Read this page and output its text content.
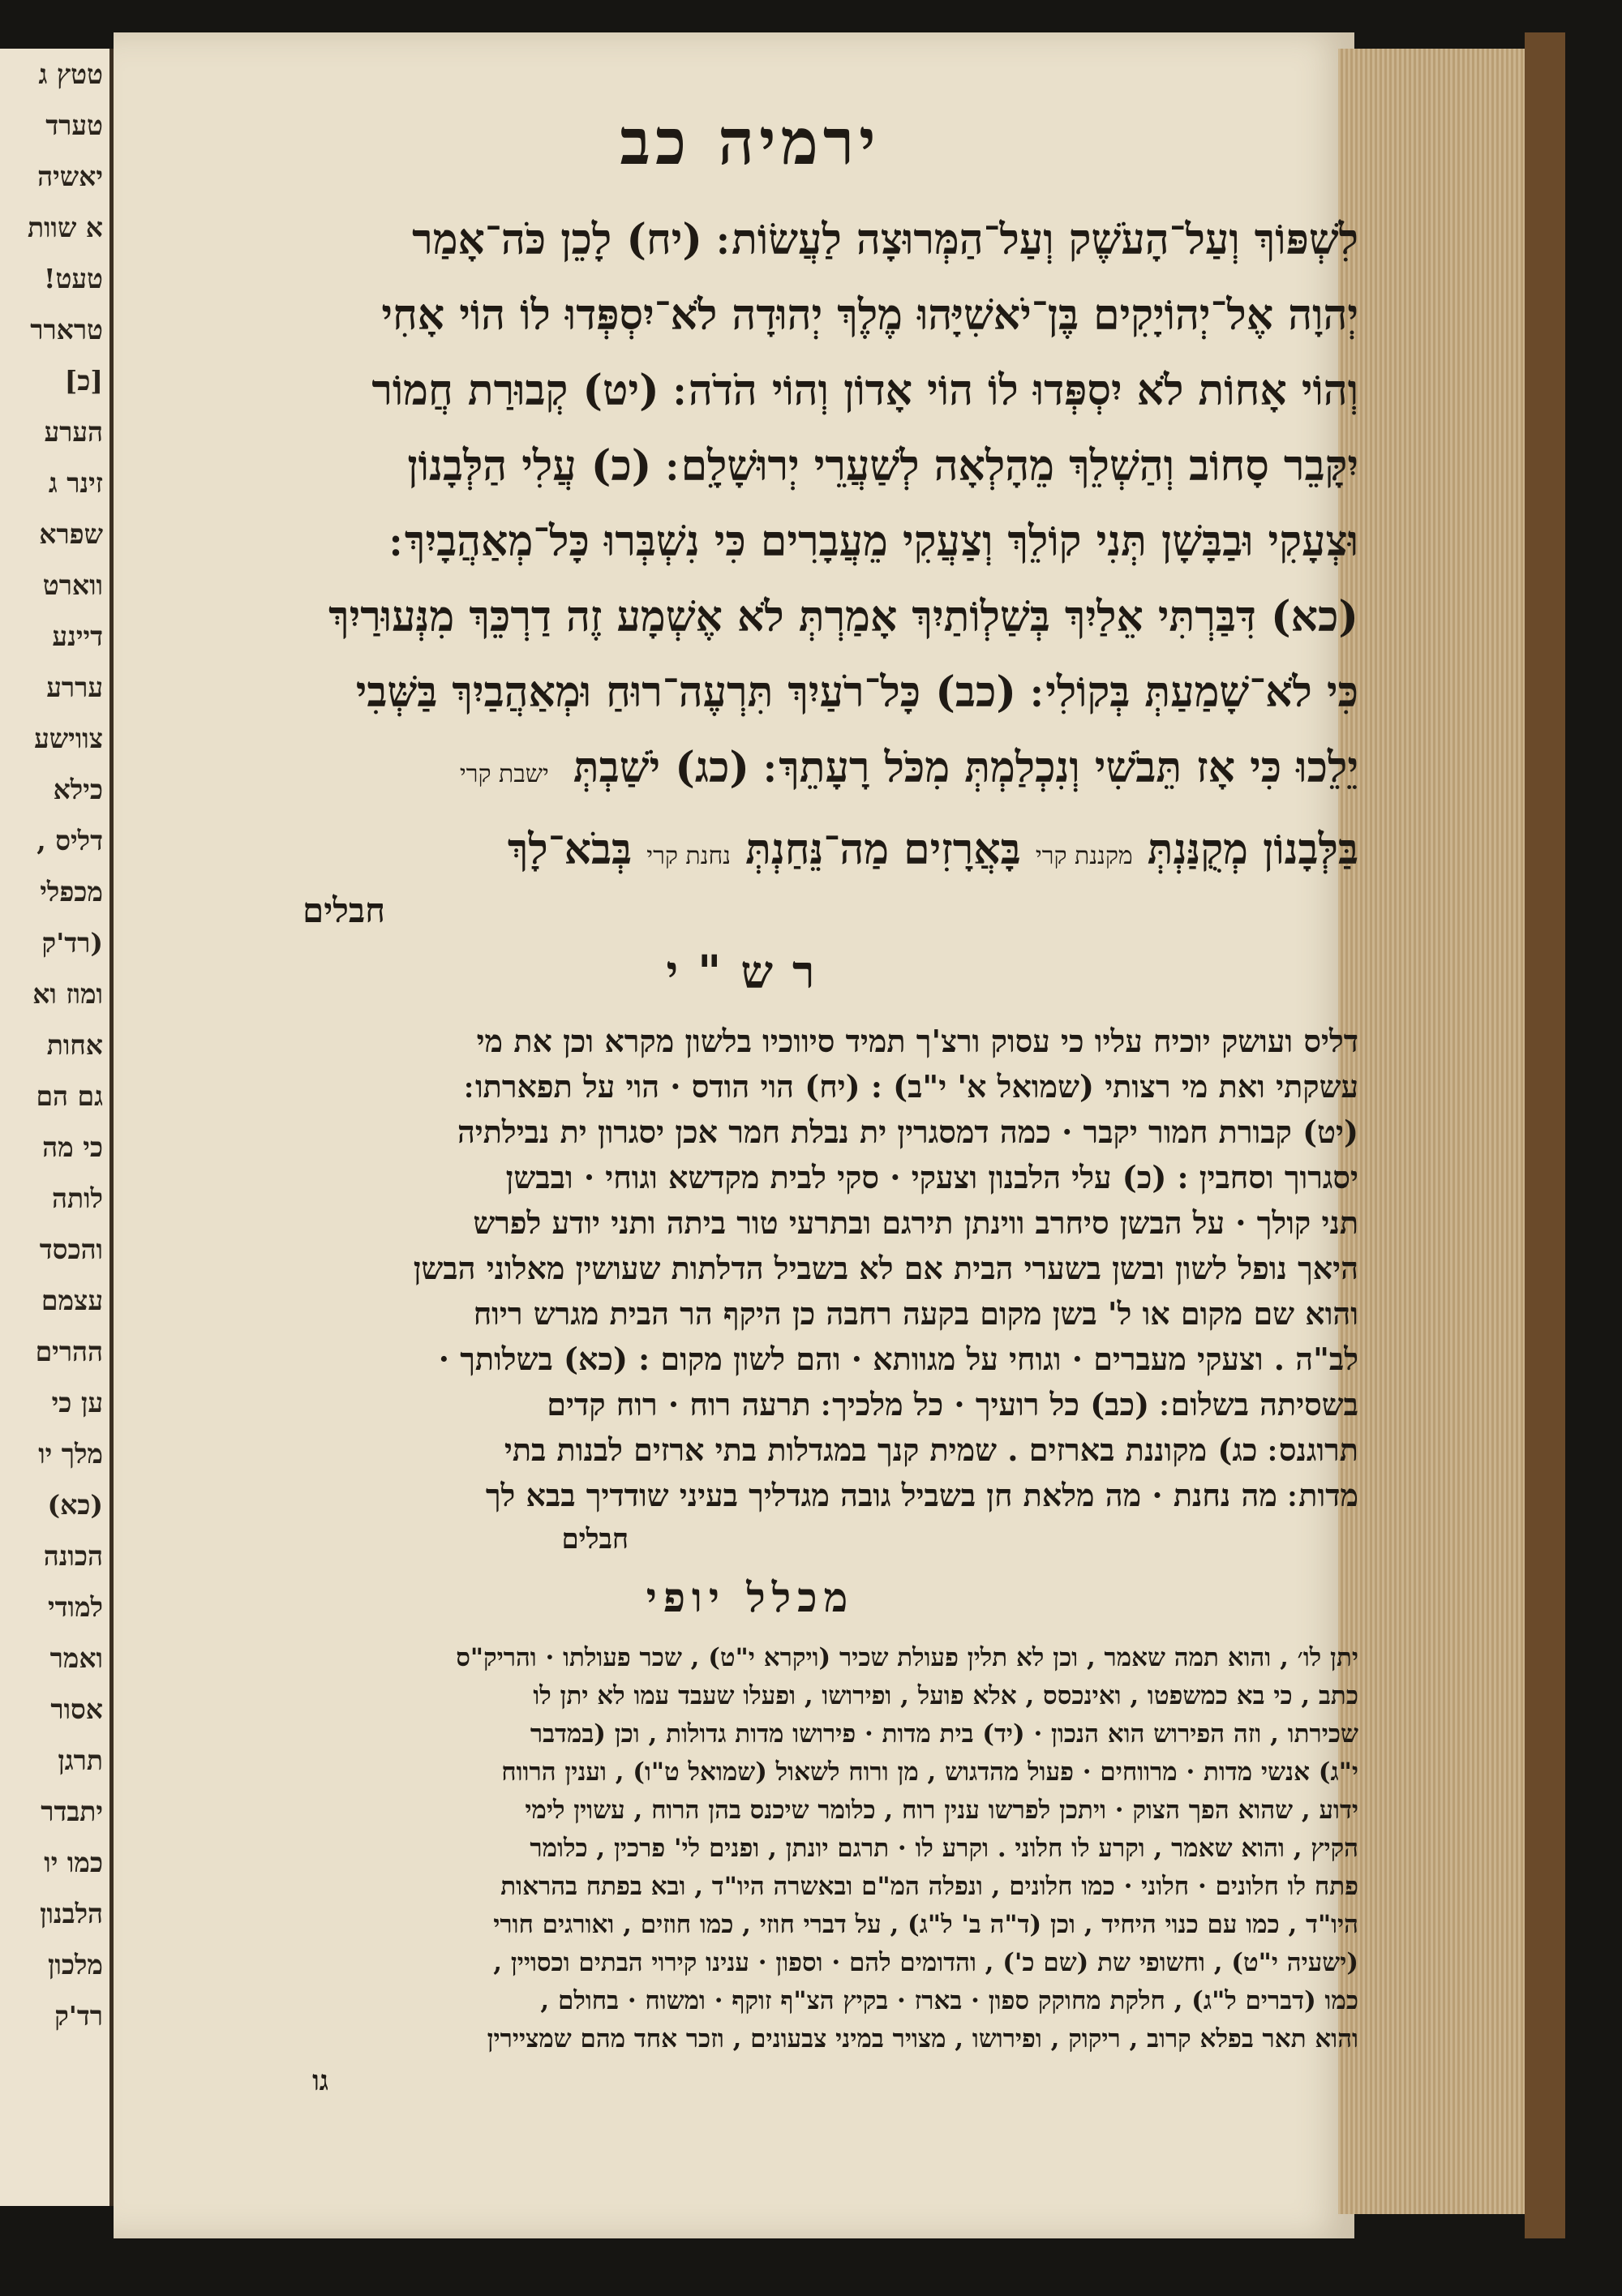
טטץ ג
טערד
יאשיה
א שוות
טעט!
טרארר
[כ]
הערע
זינר ג
שפרא
ווארט
דיינע
עררע
צווישע
כילא
דליס ,
מכפלי
(רד'ק
ומוז וא
אחות
גם הם
כי מה
לותה
והכסד
עצמם
ההרים
ען כי
מלך יו
(כא)
הכונה
למודי
ואמר
אסור
תרגן
יתבדר
כמו יו
הלבנון
מלכון
רד'ק
ירמיה כב
לִשְׁפּוֹךְ וְעַל־הָעֹשֶׁק וְעַל־הַמְּרוּצָה לַעֲשׂוֹת ׃ (יח) לָכֵן כֹּה־אָמַר
יְהוָה אֶל־יְהוֹיָקִים בֶּן־יֹאשִׁיָּהוּ מֶלֶךְ יְהוּדָה לֹא־יִסְפְּדוּ לוֹ הוֹי אָחִי
וְהוֹי אָחוֹת לֹא יִסְפְּדוּ לוֹ הוֹי אָדוֹן וְהוֹי הֹדֹה ׃ (יט) קְבוּרַת חֲמוֹר
יִקָּבֵר סָחוֹב וְהַשְׁלֵךְ מֵהָלְאָה לְשַׁעֲרֵי יְרוּשָׁלִָם ׃ (כ) עֲלִי הַלְּבָנוֹן
וּצְעָקִי וּבַבָּשָׁן תְּנִי קוֹלֵךְ וְצַעֲקִי מֵעֲבָרִים כִּי נִשְׁבְּרוּ כָּל־מְאַהֲבָיִךְ ׃
(כא) דִּבַּרְתִּי אֵלַיִךְ בְּשַׁלְוֹתַיִךְ אָמַרְתְּ לֹא אֶשְׁמָע זֶה דַרְכֵּךְ מִנְּעוּרַיִךְ
כִּי לֹא־שָׁמַעַתְּ בְּקוֹלִי ׃ (כב) כָּל־רֹעַיִךְ תִּרְעֶה־רוּחַ וּמְאַהֲבַיִךְ בַּשְּׁבִי
יֵלֵכוּ כִּי אָז תֵּבֹשִׁי וְנִכְלַמְתְּ מִכֹּל רָעָתֵךְ ׃ (כג) יֹשַׁבְתְּישבת קרי
בַּלְּבָנוֹן מְקֻנַּנְתְּ מקננת קרי בָּאֲרָזִים מַה־נֵּחַנְתְּ נחנת קרי בְּבֹא־לָךְ
חבלים
רש"י
דליס ועושק יוכיח עליו כי עסוק ורצ'ך תמיד סיווכיו בלשון מקרא וכן את מי
עשקתי ואת מי רצותי (שמואל א' י"ב) : (יח) הוי הודס · הוי על תפארתו ׃
(יט) קבורת חמור יקבר · כמה דמסגרין ית נבלת חמר אכן יסגרון ית נבילתיה
יסגרוך וסחבין : (כ) עלי הלבנון וצעקי · סקי לבית מקדשא וגוחי · ובבשן
תני קולך · על הבשן סיחרב ווינתן תירגם ובתרעי טור ביתה ותני יודע לפרש
היאך נופל לשון ובשן בשערי הבית אם לא בשביל הדלתות שעושין מאלוני הבשן
והוא שם מקום או ל' בשן מקום בקעה רחבה כן היקף הר הבית מגרש ריוח
לב"ה . וצעקי מעברים · וגוחי על מגוותא · והם לשון מקום : (כא) בשלותך ·
בשסיתה בשלום ׃ (כב) כל רועיך · כל מלכיך ׃ תרעה רוח · רוח קדים
תרוגנס ׃ כג) מקוננת בארזים . שמית קנך במגדלות בתי ארזים לבנות בתי
מדות ׃ מה נחנת · מה מלאת חן בשביל גובה מגדליך בעיני שודדיך בבא לך
חבלים
מכלל יופי
יתן לו׳ , והוא תמה שאמר , וכן לא תלין פעולת שכיר (ויקרא י"ט) , שכר פעולתו · והריק"ס
כתב , כי בא כמשפטו , ואינכסס , אלא פועל , ופירושו , ופעלו שעבד עמו לא יתן לו
שכירתו , וזה הפירוש הוא הנכון · (יד) בית מדות · פירושו מדות גדולות , וכן (במדבר
י"ג) אנשי מדות · מרווחים · פעול מהדגוש , מן ורוח לשאול (שמואל ט"ו) , וענין הרווח
ידוע , שהוא הפך הצוק · ויתכן לפרשו ענין רוח , כלומר שיכנס בהן הרוח , עשוין לימי
הקיץ , והוא שאמר , וקרע לו חלוני . וקרע לו · תרגם יונתן , ופנים לי' פרכין , כלומר
פתח לו חלונים · חלוני · כמו חלונים , ונפלה המ"ם ובאשרה היו"ד , ובא בפתח בהראות
היו"ד , כמו עם כנוי היחיד , וכן (ד"ה ב' ל"ג) , על דברי חוזי , כמו חוזים , ואורגים חורי
(ישעיה י"ט) , וחשופי שת (שם כ') , והדומים להם · וספון · ענינו קירוי הבתים וכסויין ,
כמו (דברים ל"ג) , חלקת מחוקק ספון · בארז · בקיץ הצ"ף זוקף · ומשוח · בחולם ,
והוא תאר בפלא קרוב , ריקוק , ופירושו , מצויר במיני צבעונים , וזכר אחד מהם שמציירין
גו
